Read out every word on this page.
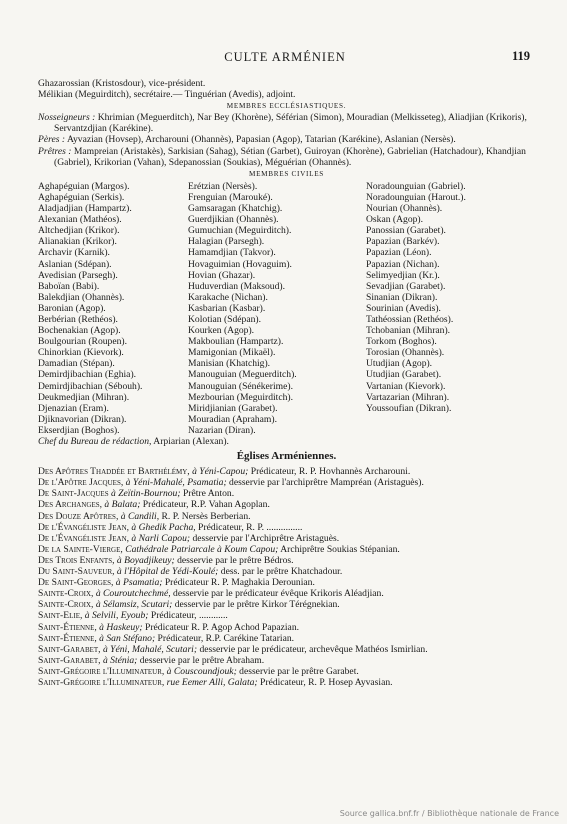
CULTE ARMÉNIEN	119

Ghazarossian (Kristosdour), vice-président.

Mélikian (Meguirditch), secrétaire.— Tinguérian (Avedis), adjoint.

MEMBRES ECCLÉSIASTIQUES.

Nosseigneurs : Khrimian (Meguerditch), Nar Bey (Khorène), Séférian (Simon), Mouradian (Melkisseteg), Aliadjian (Krikoris), Servantzdjian (Karékine).

Pères : Ayvazian (Hovsep), Archarouni (Ohannès), Papasian (Agop), Tatarian (Karékine), Aslanian (Nersès).

Prêtres : Mampreian (Aristakès), Sarkisian (Sahag), Sétian (Garbet), Guiroyan (Khorène), Gabrielian (Hatchadour), Khandjian (Gabriel), Krikorian (Vahan), Sdepanossian (Soukias), Méguérian (Ohannès).

MEMBRES CIVILES

Aghapéguian (Margos).	Erétzian (Nersès).	Noradounguian (Gabriel).
Aghapéguian (Serkis).	Frenguian (Marouké).	Noradounguian (Harout.).
Aladjadjian (Hampartz).	Gamsaragan (Khatchig).	Nourian (Ohannès).
Alexanian (Mathéos).	Guerdjikian (Ohannès).	Oskan (Agop).
Altchedjian (Krikor).	Gumuchian (Meguirditch).	Panossian (Garabet).
Alianakian (Krikor).	Halagian (Parsegh).	Papazian (Barkév).
Archavir (Karnik).	Hamamdjian (Takvor).	Papazian (Léon).
Aslanian (Sdépan).	Hovaguimian (Hovaguim).	Papazian (Nichan).
Avedisian (Parsegh).	Hovian (Ghazar).	Selimyedjian (Kr.).
Baboïan (Babi).	Huduverdian (Maksoud).	Sevadjian (Garabet).
Balekdjian (Ohannès).	Karakache (Nichan).	Sinanian (Dikran).
Baronian (Agop).	Kasbarian (Kasbar).	Sourinian (Avedis).
Berbérian (Rethéos).	Kolotian (Sdépan).	Tathéossian (Rethéos).
Bochenakian (Agop).	Kourken (Agop).	Tchobanian (Mihran).
Boulgourian (Roupen).	Makboulian (Hampartz).	Torkom (Boghos).
Chinorkian (Kievork).	Mamigonian (Mikaël).	Torosian (Ohannès).
Damadian (Stépan).	Manisian (Khatchig).	Utudjian (Agop).
Demirdjibachian (Eghia).	Manouguian (Meguerditch).	Utudjian (Garabet).
Demirdjibachian (Sébouh).	Manouguian (Sénékerime).	Vartanian (Kievork).
Deukmedjian (Mihran).	Mezbourian (Meguirditch).	Vartazarian (Mihran).
Djenazian (Eram).	Miridjianian (Garabet).	Youssoufian (Dikran).
Djiknavorian (Dikran).	Mouradian (Apraham).
Ekserdjian (Boghos).	Nazarian (Diran).

Chef du Bureau de rédaction, Arpiarian (Alexan).

Églises Arméniennes.

Des Apôtres Thaddée et Barthélémy, à Yéni-Capou; Prédicateur, R. P. Hovhannès Archarouni.

De l'Apôtre Jacques, à Yéni-Mahalé, Psamatia; desservie par l'archiprêtre Mampréan (Aristaguès).

De Saint-Jacques à Zeïtin-Bournou; Prêtre Anton.

Des Archanges, à Balata; Prédicateur, R.P. Vahan Agoplan.

Des Douze Apôtres, à Candili, R. P. Nersès Berberian.

De l'Évangéliste Jean, à Ghedik Pacha, Prédicateur, R. P. ...............

De l'Évangéliste Jean, à Narli Capou; desservie par l'Archiprêtre Aristaguès.

De la Sainte-Vierge, Cathédrale Patriarcale à Koum Capou; Archiprêtre Soukias Stépanian.

Des Trois Enfants, à Boyadjikeuy; desservie par le prêtre Bédros.

Du Saint-Sauveur, à l'Hôpital de Yédi-Koulé; dess. par le prêtre Khatchadour.

De Saint-Georges, à Psamatia; Prédicateur R. P. Maghakia Derounian.

Sainte-Croix, à Couroutchechmé, desservie par le prédicateur évêque Krikoris Aléadjian.

Sainte-Croix, à Sélamsiz, Scutari; desservie par le prêtre Kirkor Térégnekian.

Saint-Elie, à Selvili, Eyoub; Prédicateur, ............

Saint-Étienne, à Haskeuy; Prédicateur R. P. Agop Achod Papazian.

Saint-Étienne, à San Stéfano; Prédicateur, R.P. Carékine Tatarian.

Saint-Garabet, à Yéni, Mahalé, Scutari; desservie par le prédicateur, archevêque Mathéos Ismirlian.

Saint-Garabet, à Sténia; desservie par le prêtre Abraham.

Saint-Grégoire l'Illuminateur, à Couscoundjouk; desservie par le prêtre Garabet.

Saint-Grégoire l'Illuminateur, rue Eemer Alli, Galata; Prédicateur, R. P. Hosep Ayvasian.

Source gallica.bnf.fr / Bibliothèque nationale de France
